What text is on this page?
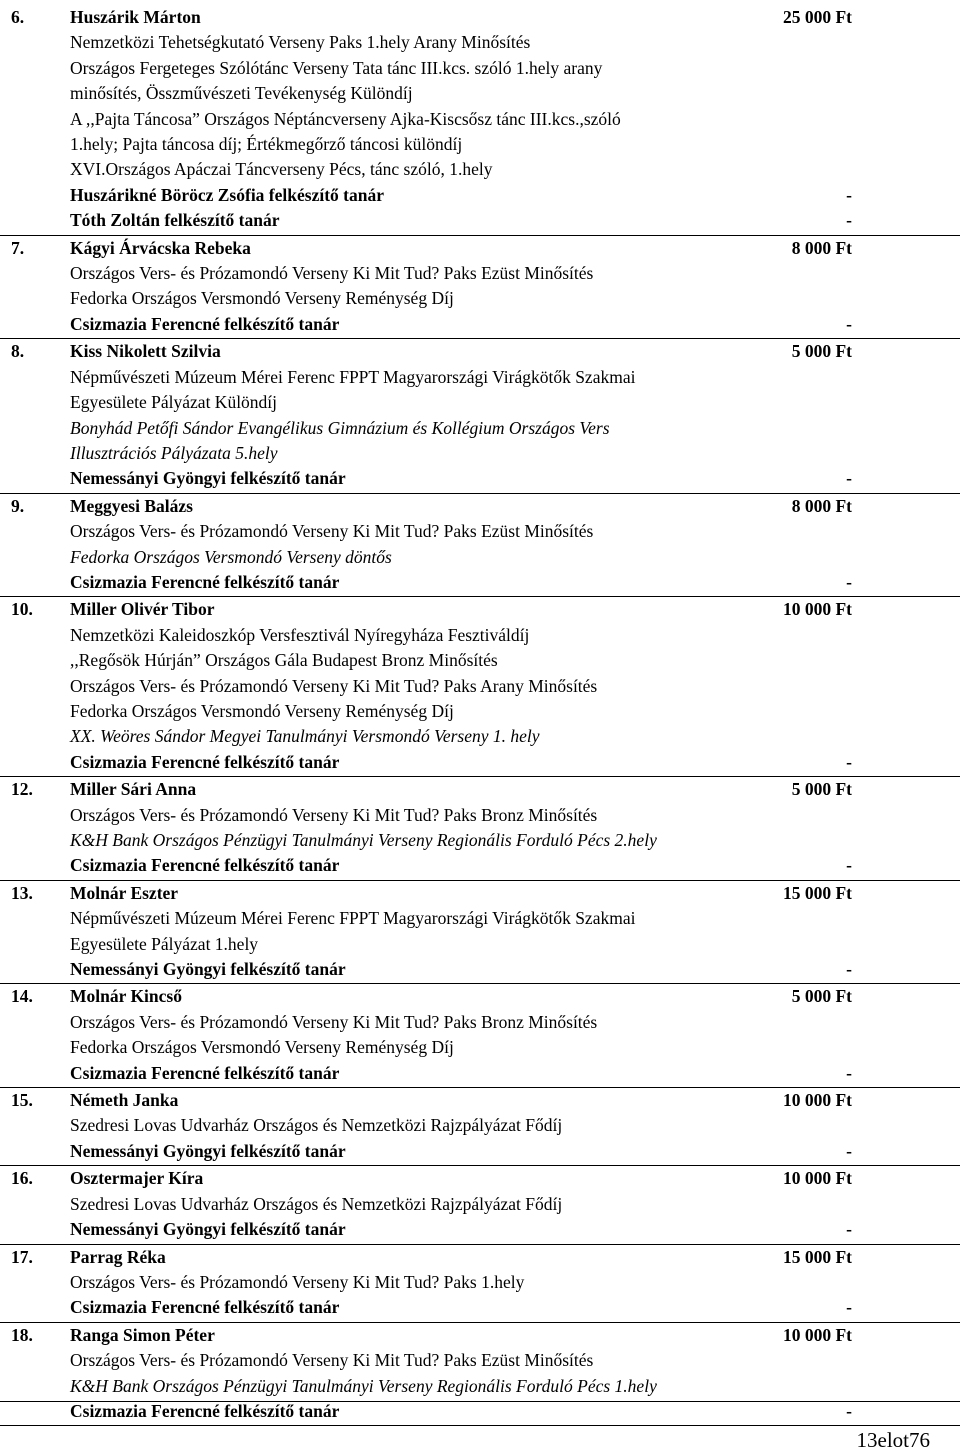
6.	Huszárik Márton	25 000 Ft
Nemzetközi Tehetségkutató Verseny Paks 1.hely Arany Minősítés
Országos Fergeteges Szólótánc Verseny Tata tánc III.kcs. szóló 1.hely arany
minősítés, Összművészeti Tevékenység Különdíj
A ,,Pajta Táncosa” Országos Néptáncverseny Ajka-Kiscsősz tánc III.kcs.,szóló
1.hely; Pajta táncosa díj; Értékmegőrző táncosi különdíj
XVI.Országos Apáczai Táncverseny Pécs, tánc szóló, 1.hely
Huszárikné Böröcz Zsófia felkészítő tanár	-
Tóth Zoltán felkészítő tanár	-
7.	Kágyi Árvácska Rebeka	8 000 Ft
Országos Vers- és Prózamondó Verseny Ki Mit Tud? Paks Ezüst Minősítés
Fedorka Országos Versmondó Verseny Reménység Díj
Csizmazia Ferencné felkészítő tanár	-
8.	Kiss Nikolett Szilvia	5 000 Ft
Népművészeti Múzeum Mérei Ferenc FPPT Magyarországi Virágkötők Szakmai
Egyesülete Pályázat Különdíj
Bonyhád Petőfi Sándor Evangélikus Gimnázium és Kollégium Országos Vers
Illusztrációs Pályázata 5.hely
Nemessányi Gyöngyi felkészítő tanár	-
9.	Meggyesi Balázs	8 000 Ft
Országos Vers- és Prózamondó Verseny Ki Mit Tud? Paks Ezüst Minősítés
Fedorka Országos Versmondó Verseny döntős
Csizmazia Ferencné felkészítő tanár	-
10. Miller Olivér Tibor	10 000 Ft
Nemzetközi Kaleidoszkóp Versfesztivál Nyíregyháza Fesztiváldíj
,,Regősök Húrján” Országos Gála Budapest Bronz Minősítés
Országos Vers- és Prózamondó Verseny Ki Mit Tud? Paks Arany Minősítés
Fedorka Országos Versmondó Verseny Reménység Díj
XX. Weöres Sándor Megyei Tanulmányi Versmondó Verseny 1. hely
Csizmazia Ferencné felkészítő tanár	-
12. Miller Sári Anna	5 000 Ft
Országos Vers- és Prózamondó Verseny Ki Mit Tud? Paks Bronz Minősítés
K&H Bank Országos Pénzügyi Tanulmányi Verseny Regionális Forduló Pécs 2.hely
Csizmazia Ferencné felkészítő tanár	-
13. Molnár Eszter	15 000 Ft
Népművészeti Múzeum Mérei Ferenc FPPT Magyarországi Virágkötők Szakmai
Egyesülete Pályázat 1.hely
Nemessányi Gyöngyi felkészítő tanár	-
14. Molnár Kincső	5 000 Ft
Országos Vers- és Prózamondó Verseny Ki Mit Tud? Paks Bronz Minősítés
Fedorka Országos Versmondó Verseny Reménység Díj
Csizmazia Ferencné felkészítő tanár	-
15. Németh Janka	10 000 Ft
Szedresi Lovas Udvarház Országos és Nemzetközi Rajzpályázat Fődíj
Nemessányi Gyöngyi felkészítő tanár	-
16. Osztermajer Kíra	10 000 Ft
Szedresi Lovas Udvarház Országos és Nemzetközi Rajzpályázat Fődíj
Nemessányi Gyöngyi felkészítő tanár	-
17. Parrag Réka	15 000 Ft
Országos Vers- és Prózamondó Verseny Ki Mit Tud? Paks 1.hely
Csizmazia Ferencné felkészítő tanár	-
18. Ranga Simon Péter	10 000 Ft
Országos Vers- és Prózamondó Verseny Ki Mit Tud? Paks Ezüst Minősítés
K&H Bank Országos Pénzügyi Tanulmányi Verseny Regionális Forduló Pécs 1.hely
Csizmazia Ferencné felkészítő tanár	-
13elot76
